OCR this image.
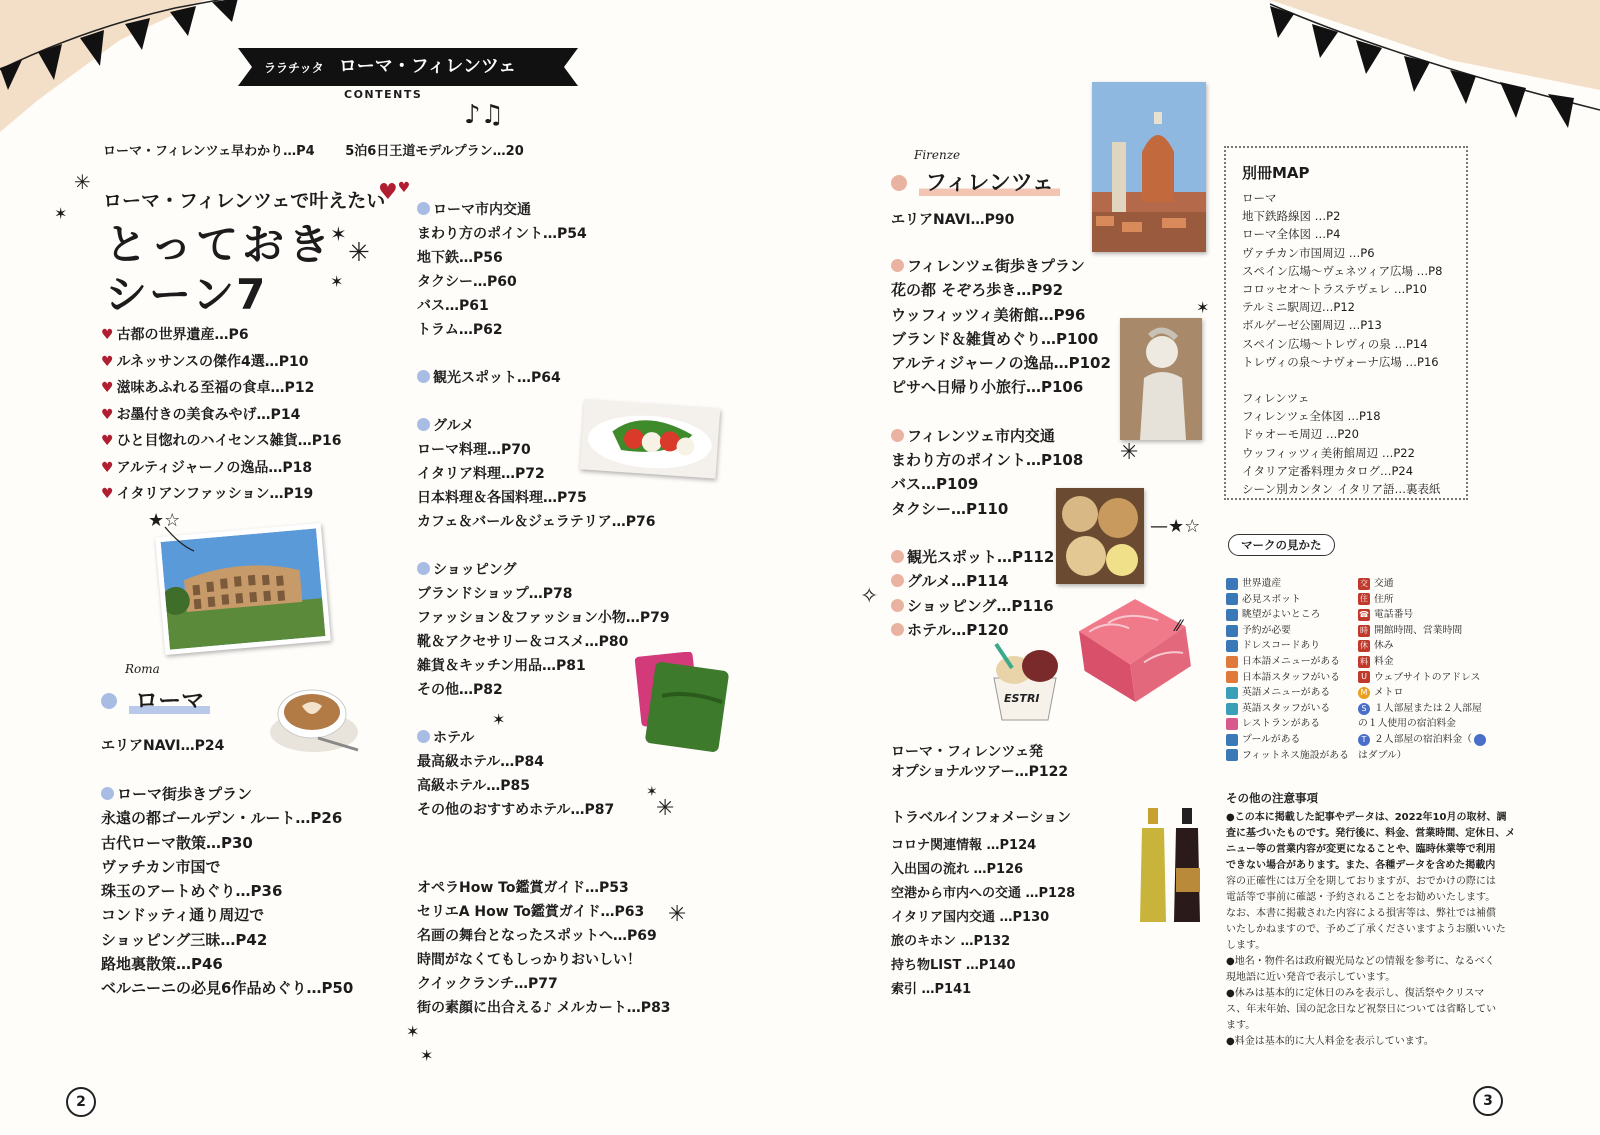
ララチッタ ローマ・フィレンツェ
CONTENTS
♪♫
ローマ・フィレンツェ早わかり…P4 5泊6日王道モデルプラン…20
✳
✶
ローマ・フィレンツェで叶えたい
♥♥
とっておき
シーン7
✶
✳
✶
♥ 古都の世界遺産…P6
♥ ルネッサンスの傑作4選…P10
♥ 滋味あふれる至福の食卓…P12
♥ お墨付きの美食みやげ…P14
♥ ひと目惚れのハイセンス雑貨…P16
♥ アルティジャーノの逸品…P18
♥ イタリアンファッション…P19
★☆
Roma
ローマ
エリアNAVI…P24
ローマ街歩きプラン
永遠の都ゴールデン・ルート…P26
古代ローマ散策…P30
ヴァチカン市国で
珠玉のアートめぐり…P36
コンドッティ通り周辺で
ショッピング三昧…P42
路地裏散策…P46
ベルニーニの必見6作品めぐり…P50
ローマ市内交通
まわり方のポイント…P54
地下鉄…P56
タクシー…P60
バス…P61
トラム…P62
観光スポット…P64
グルメ
ローマ料理…P70
イタリア料理…P72
日本料理＆各国料理…P75
カフェ＆バール＆ジェラテリア…P76
ショッピング
ブランドショップ…P78
ファッション＆ファッション小物…P79
靴＆アクセサリー＆コスメ…P80
雑貨＆キッチン用品…P81
その他…P82
ホテル
最高級ホテル…P84
高級ホテル…P85
その他のおすすめホテル…P87
オペラHow To鑑賞ガイド…P53
セリエA How To鑑賞ガイド…P63
名画の舞台となったスポットへ…P69
時間がなくてもしっかりおいしい！
クイックランチ…P77
街の素顔に出合える♪ メルカート…P83
✶
✶
✳
✳
✶
✶
2
Firenze
フィレンツェ
エリアNAVI…P90
フィレンツェ街歩きプラン
花の都 そぞろ歩き…P92
ウッフィッツィ美術館…P96
ブランド＆雑貨めぐり…P100
アルティジャーノの逸品…P102
ピサへ日帰り小旅行…P106
フィレンツェ市内交通
まわり方のポイント…P108
バス…P109
タクシー…P110
観光スポット…P112
グルメ…P114
ショッピング…P116
ホテル…P120
✶
✳
—★☆
✧
⁄⁄
ESTRI
ローマ・フィレンツェ発
オプショナルツアー…P122
トラベルインフォメーション
コロナ関連情報 …P124
入出国の流れ …P126
空港から市内への交通 …P128
イタリア国内交通 …P130
旅のキホン …P132
持ち物LIST …P140
索引 …P141
別冊MAP
ローマ
地下鉄路線図 …P2
ローマ全体図 …P4
ヴァチカン市国周辺 …P6
スペイン広場～ヴェネツィア広場 …P8
コロッセオ～トラステヴェレ …P10
テルミニ駅周辺…P12
ボルゲーゼ公園周辺 …P13
スペイン広場～トレヴィの泉 …P14
トレヴィの泉～ナヴォーナ広場 …P16
フィレンツェ
フィレンツェ全体図 …P18
ドゥオーモ周辺 …P20
ウッフィッツィ美術館周辺 …P22
イタリア定番料理カタログ…P24
シーン別カンタン イタリア語…裏表紙
マークの見かた
世界遺産
必見スポット
眺望がよいところ
予約が必要
ドレスコードあり
日本語メニューがある
日本語スタッフがいる
英語メニューがある
英語スタッフがいる
レストランがある
プールがある
フィットネス施設がある
交 交通
住 住所
☎ 電話番号
時 開館時間、営業時間
休 休み
料 料金
U ウェブサイトのアドレス
M メトロ
S １人部屋または２人部屋
の１人使用の宿泊料金
T ２人部屋の宿泊料金（
はダブル）
その他の注意事項
●この本に掲載した記事やデータは、2022年10月の取材、調
査に基づいたものです。発行後に、料金、営業時間、定休日、メ
ニュー等の営業内容が変更になることや、臨時休業等で利用
できない場合があります。また、各種データを含めた掲載内
容の正確性には万全を期しておりますが、おでかけの際には
電話等で事前に確認・予約されることをお勧めいたします。
なお、本書に掲載された内容による損害等は、弊社では補償
いたしかねますので、予めご了承くださいますようお願いいた
します。
●地名・物件名は政府観光局などの情報を参考に、なるべく
現地語に近い発音で表示しています。
●休みは基本的に定休日のみを表示し、復活祭やクリスマ
ス、年末年始、国の記念日など祝祭日については省略してい
ます。
●料金は基本的に大人料金を表示しています。
3
